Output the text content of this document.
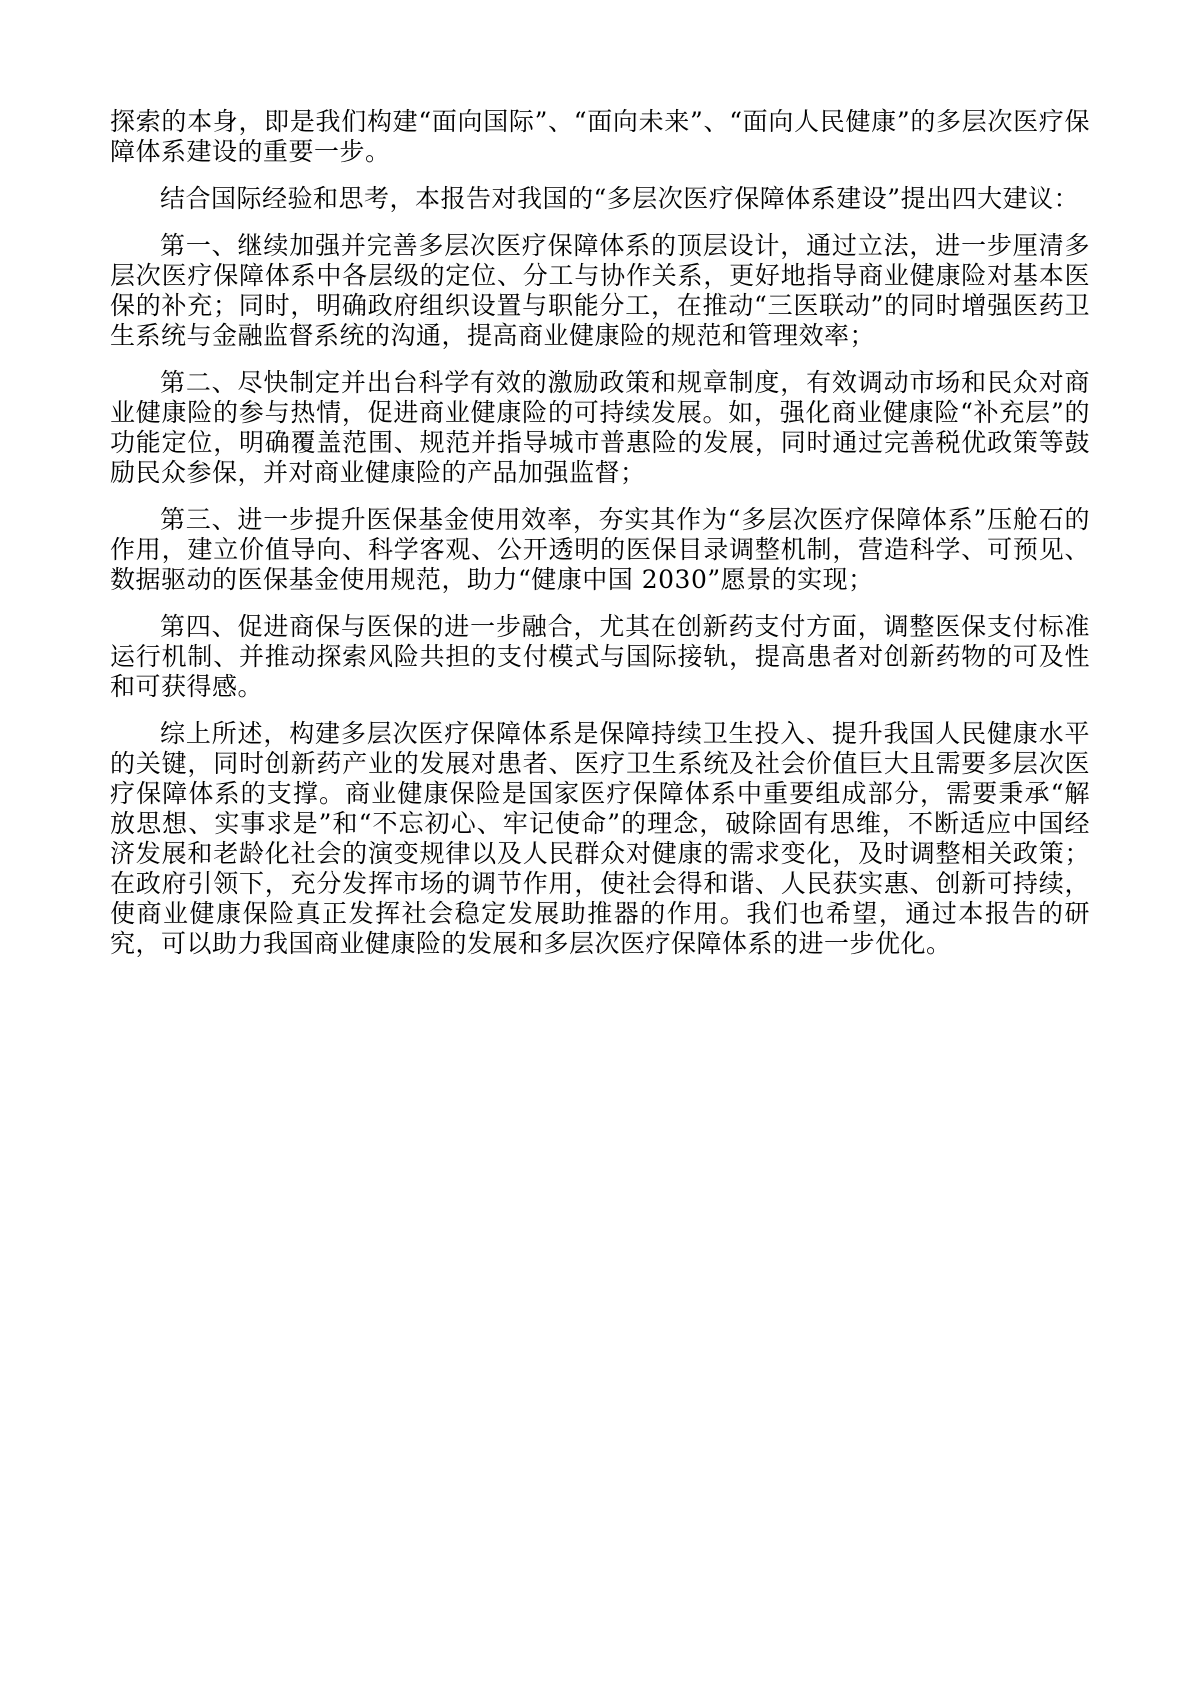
探索的本身，即是我们构建“面向国际”、“面向未来”、“面向人民健康”的多层次医疗保障体系建设的重要一步。

结合国际经验和思考，本报告对我国的“多层次医疗保障体系建设”提出四大建议：

第一、继续加强并完善多层次医疗保障体系的顶层设计，通过立法，进一步厘清多层次医疗保障体系中各层级的定位、分工与协作关系，更好地指导商业健康险对基本医保的补充；同时，明确政府组织设置与职能分工，在推动“三医联动”的同时增强医药卫生系统与金融监督系统的沟通，提高商业健康险的规范和管理效率；

第二、尽快制定并出台科学有效的激励政策和规章制度，有效调动市场和民众对商业健康险的参与热情，促进商业健康险的可持续发展。如，强化商业健康险“补充层”的功能定位，明确覆盖范围、规范并指导城市普惠险的发展，同时通过完善税优政策等鼓励民众参保，并对商业健康险的产品加强监督；

第三、进一步提升医保基金使用效率，夯实其作为“多层次医疗保障体系”压舱石的作用，建立价值导向、科学客观、公开透明的医保目录调整机制，营造科学、可预见、数据驱动的医保基金使用规范，助力“健康中国 2030”愿景的实现；

第四、促进商保与医保的进一步融合，尤其在创新药支付方面，调整医保支付标准运行机制、并推动探索风险共担的支付模式与国际接轨，提高患者对创新药物的可及性和可获得感。

综上所述，构建多层次医疗保障体系是保障持续卫生投入、提升我国人民健康水平的关键，同时创新药产业的发展对患者、医疗卫生系统及社会价值巨大且需要多层次医疗保障体系的支撑。商业健康保险是国家医疗保障体系中重要组成部分，需要秉承“解放思想、实事求是”和“不忘初心、牢记使命”的理念，破除固有思维，不断适应中国经济发展和老龄化社会的演变规律以及人民群众对健康的需求变化，及时调整相关政策；在政府引领下，充分发挥市场的调节作用，使社会得和谐、人民获实惠、创新可持续，使商业健康保险真正发挥社会稳定发展助推器的作用。我们也希望，通过本报告的研究，可以助力我国商业健康险的发展和多层次医疗保障体系的进一步优化。
